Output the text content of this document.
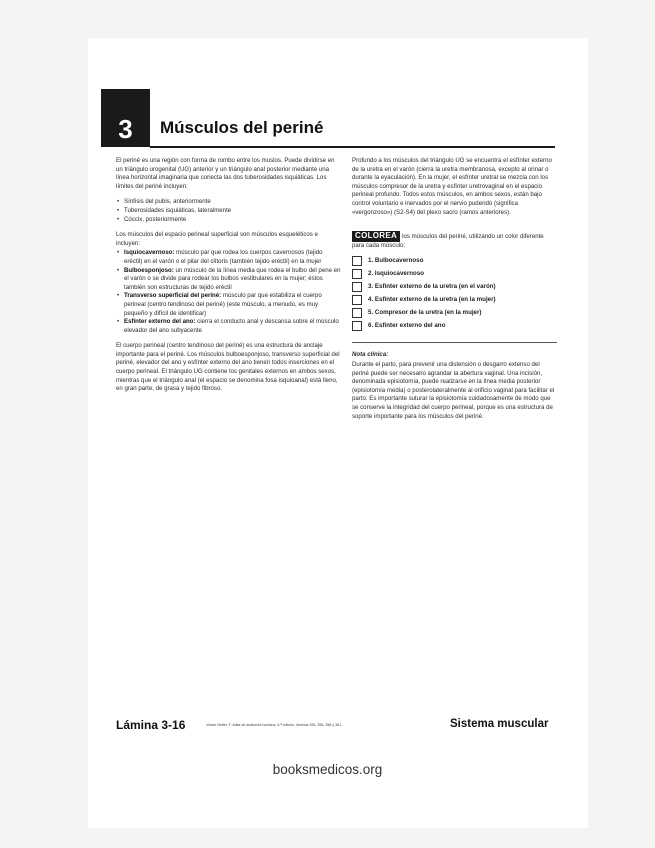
3 Músculos del periné

El periné es una región con forma de rombo entre los muslos. Puede dividirse en un triángulo urogenital (UG) anterior y un triángulo anal posterior mediante una línea horizontal imaginaria que conecta las dos tuberosidades isquiáticas. Los límites del periné incluyen:

• Sínfisis del pubis, anteriormente
• Tuberosidades isquiáticas, lateralmente
• Cóccix, posteriormente

Los músculos del espacio perineal superficial son músculos esqueléticos e incluyen:

• Isquiocavernoso: músculo par que rodea los cuerpos cavernosos (tejido eréctil) en el varón o el pilar del clítoris (también tejido eréctil) en la mujer
• Bulboesponjoso: un músculo de la línea media que rodea el bulbo del pene en el varón o se divide para rodear los bulbos vestibulares en la mujer; éstos también son estructuras de tejido eréctil
• Transverso superficial del periné: músculo par que estabiliza el cuerpo perineal (centro tendinoso del periné) (este músculo, a menudo, es muy pequeño y difícil de identificar)
• Esfínter externo del ano: cierra el conducto anal y descansa sobre el músculo elevador del ano subyacente

El cuerpo perineal (centro tendinoso del periné) es una estructura de anclaje importante para el periné. Los músculos bulboesponjoso, transverso superficial del periné, elevador del ano y esfínter externo del ano tienen todos inserciones en el cuerpo perineal. El triángulo UG contiene los genitales externos en ambos sexos, mientras que el triángulo anal (el espacio se denomina fosa isquioanal) está lleno, en gran parte, de grasa y tejido fibroso.

Profundo a los músculos del triángulo UG se encuentra el esfínter externo de la uretra en el varón (cierra la uretra membranosa, excepto al orinar o durante la eyaculación). En la mujer, el esfínter uretral se mezcla con los músculos compresor de la uretra y esfínter uretrovaginal en el espacio perineal profundo. Todos estos músculos, en ambos sexos, están bajo control voluntario e inervados por el nervio pudendo (significa «vergonzoso») (S2-S4) del plexo sacro (ramos anteriores).

COLOREA los músculos del periné, utilizando un color diferente para cada músculo:
1. Bulbocavernoso
2. Isquiocavernoso
3. Esfínter externo de la uretra (en el varón)
4. Esfínter externo de la uretra (en la mujer)
5. Compresor de la uretra (en la mujer)
6. Esfínter externo del ano
Nota clínica:

Durante el parto, para prevenir una distensión o desgarro extenso del periné puede ser necesario agrandar la abertura vaginal. Una incisión, denominada episiotomía, puede realizarse en la línea media posterior (episiotomía media) o posterolateralmente al orificio vaginal para facilitar el parto. Es importante suturar la episiotomía cuidadosamente de modo que se conserve la integridad del cuerpo perineal, porque es una estructura de soporte importante para los músculos del periné.

Lámina 3-16	Véase Netter, F. Atlas de anatomía humana, 6.ª edición, láminas 355, 356, 358 y 361.	Sistema muscular
booksmedicos.org
